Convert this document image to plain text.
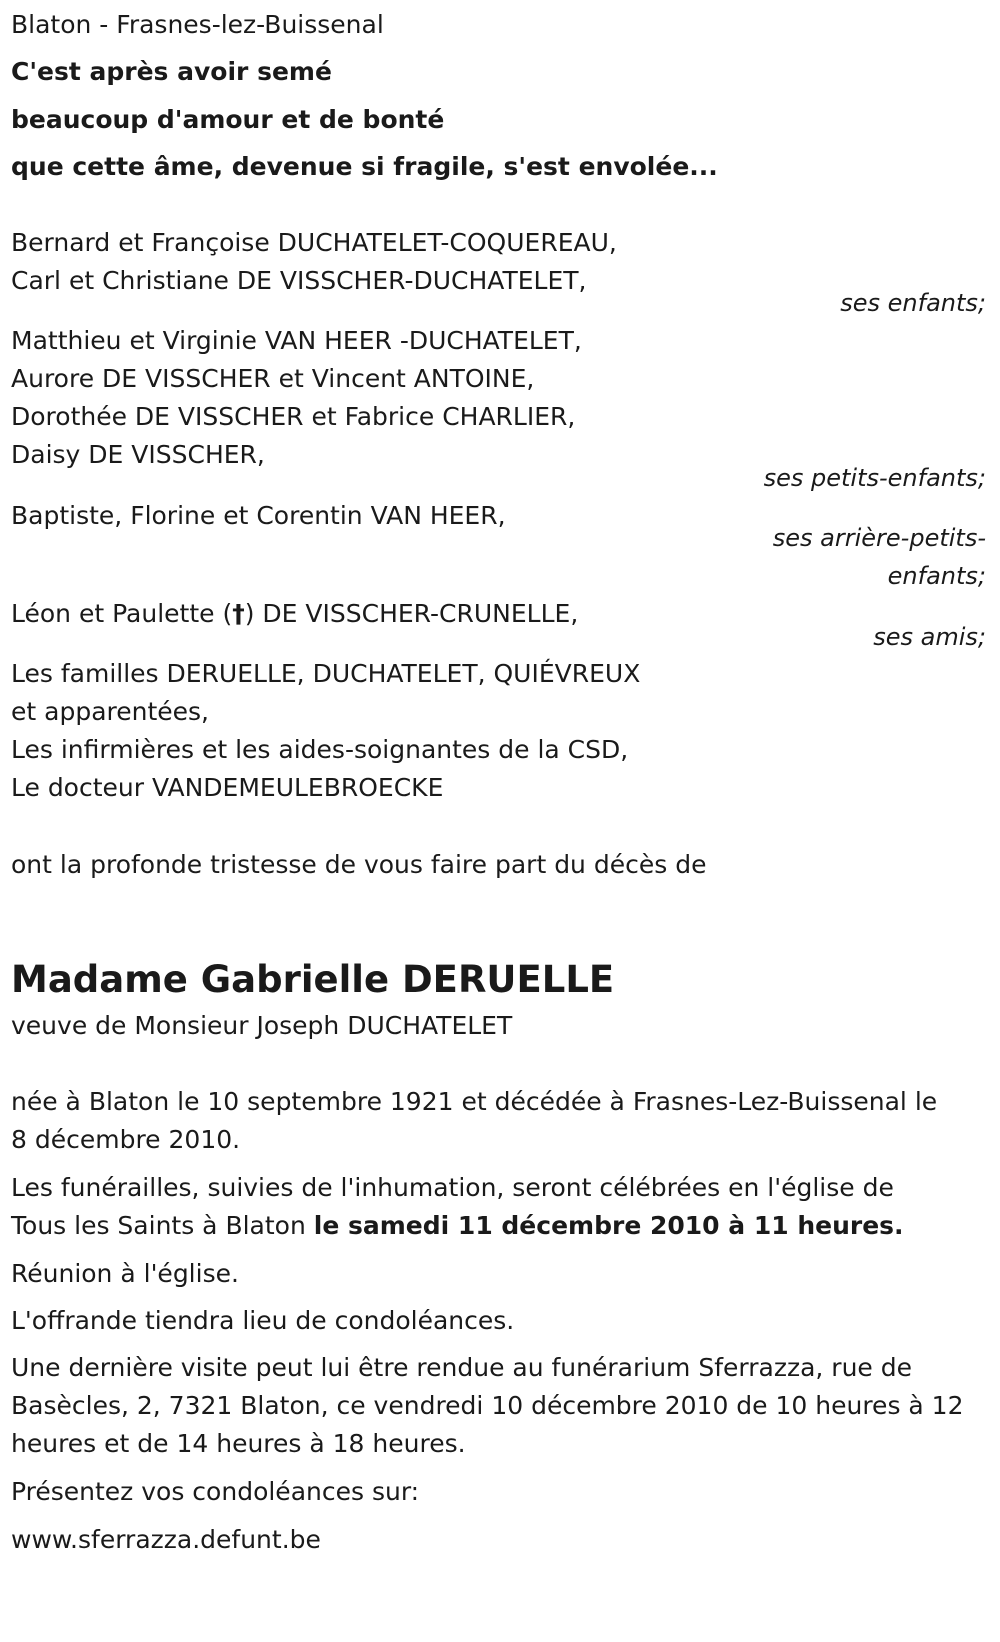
Blaton - Frasnes-lez-Buissenal
C'est après avoir semé
beaucoup d'amour et de bonté
que cette âme, devenue si fragile, s'est envolée...
Bernard et Françoise DUCHATELET-COQUEREAU,
Carl et Christiane DE VISSCHER-DUCHATELET,
ses enfants;
Matthieu et Virginie VAN HEER -DUCHATELET,
Aurore DE VISSCHER et Vincent ANTOINE,
Dorothée DE VISSCHER et Fabrice CHARLIER,
Daisy DE VISSCHER,
ses petits-enfants;
Baptiste, Florine et Corentin VAN HEER,
ses arrière-petits-
enfants;
Léon et Paulette (†) DE VISSCHER-CRUNELLE,
ses amis;
Les familles DERUELLE, DUCHATELET, QUIÉVREUX
et apparentées,
Les infirmières et les aides-soignantes de la CSD,
Le docteur VANDEMEULEBROECKE
ont la profonde tristesse de vous faire part du décès de
Madame Gabrielle DERUELLE
veuve de Monsieur Joseph DUCHATELET
née à Blaton le 10 septembre 1921 et décédée à Frasnes-Lez-Buissenal le
8 décembre 2010.
Les funérailles, suivies de l'inhumation, seront célébrées en l'église de
Tous les Saints à Blaton le samedi 11 décembre 2010 à 11 heures.
Réunion à l'église.
L'offrande tiendra lieu de condoléances.
Une dernière visite peut lui être rendue au funérarium Sferrazza, rue de
Basècles, 2, 7321 Blaton, ce vendredi 10 décembre 2010 de 10 heures à 12
heures et de 14 heures à 18 heures.
Présentez vos condoléances sur:
www.sferrazza.defunt.be
